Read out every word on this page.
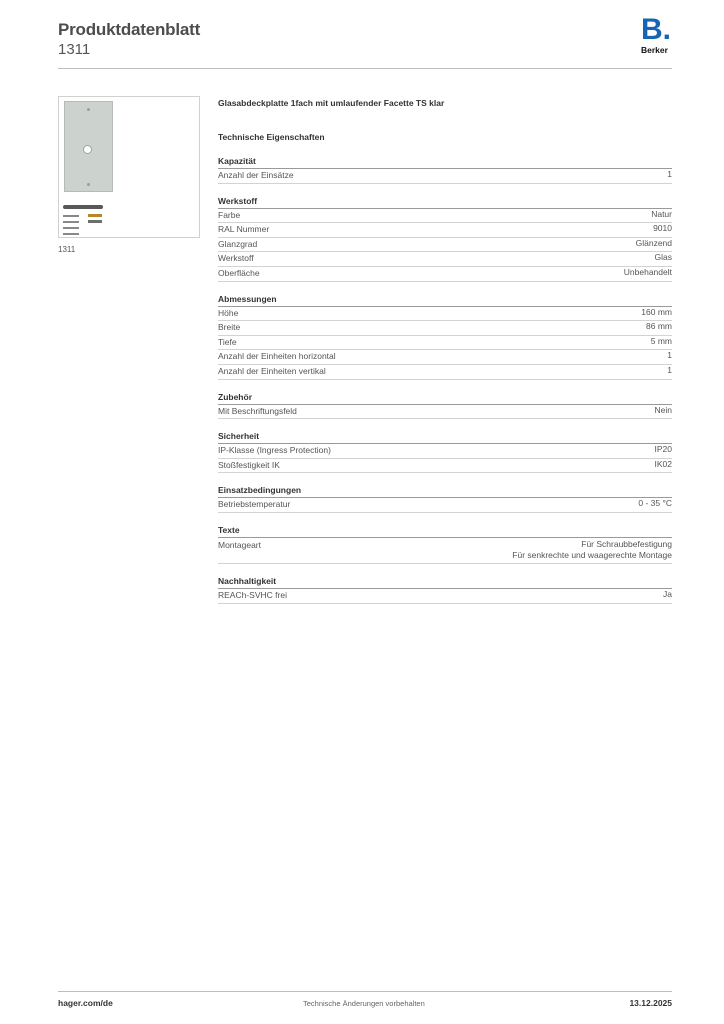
Produktdatenblatt
1311
B.
Berker
1311
Glasabdeckplatte 1fach mit umlaufender Facette TS klar
Technische Eigenschaften
Kapazität
Anzahl der Einsätze	1
Werkstoff
Farbe	Natur
RAL Nummer	9010
Glanzgrad	Glänzend
Werkstoff	Glas
Oberfläche	Unbehandelt
Abmessungen
Höhe	160 mm
Breite	86 mm
Tiefe	5 mm
Anzahl der Einheiten horizontal	1
Anzahl der Einheiten vertikal	1
Zubehör
Mit Beschriftungsfeld	Nein
Sicherheit
IP-Klasse (Ingress Protection)	IP20
Stoßfestigkeit IK	IK02
Einsatzbedingungen
Betriebstemperatur	0 - 35 °C
Texte
Montageart	Für Schraubbefestigung
Für senkrechte und waagerechte Montage
Nachhaltigkeit
REACh-SVHC frei	Ja
hager.com/de	Technische Änderungen vorbehalten	13.12.2025
